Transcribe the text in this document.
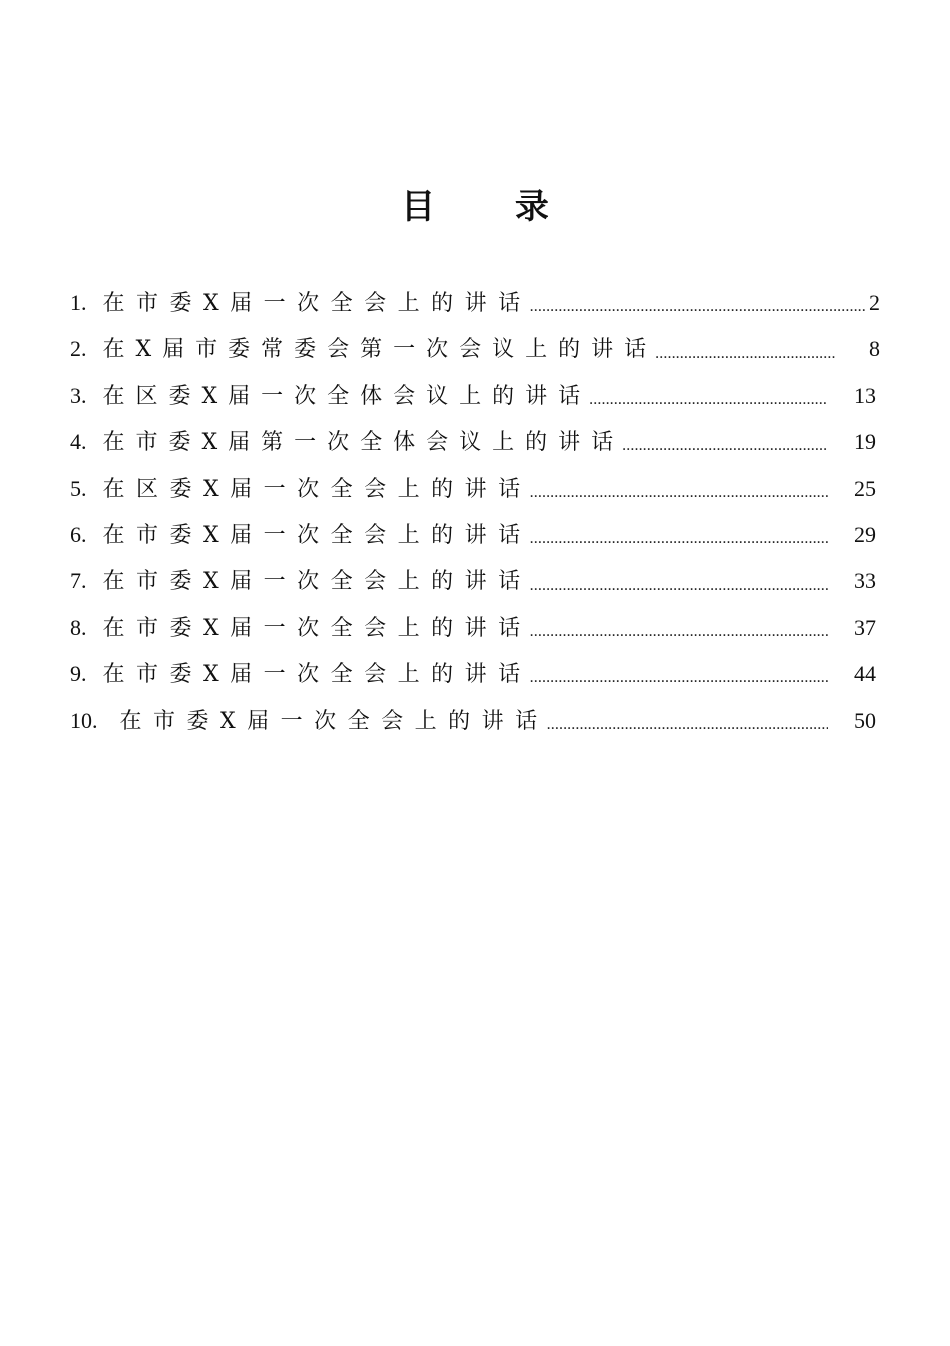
目 录
1. 在市委X届一次全会上的讲话 .....	2
2. 在X届市委常委会第一次会议上的讲话 .....	8
3. 在区委X届一次全体会议上的讲话 .....	13
4. 在市委X届第一次全体会议上的讲话 .....	19
5. 在区委X届一次全会上的讲话 .....	25
6. 在市委X届一次全会上的讲话 .....	29
7. 在市委X届一次全会上的讲话 .....	33
8. 在市委X届一次全会上的讲话 .....	37
9. 在市委X届一次全会上的讲话 .....	44
10. 在市委X届一次全会上的讲话 .....	50
